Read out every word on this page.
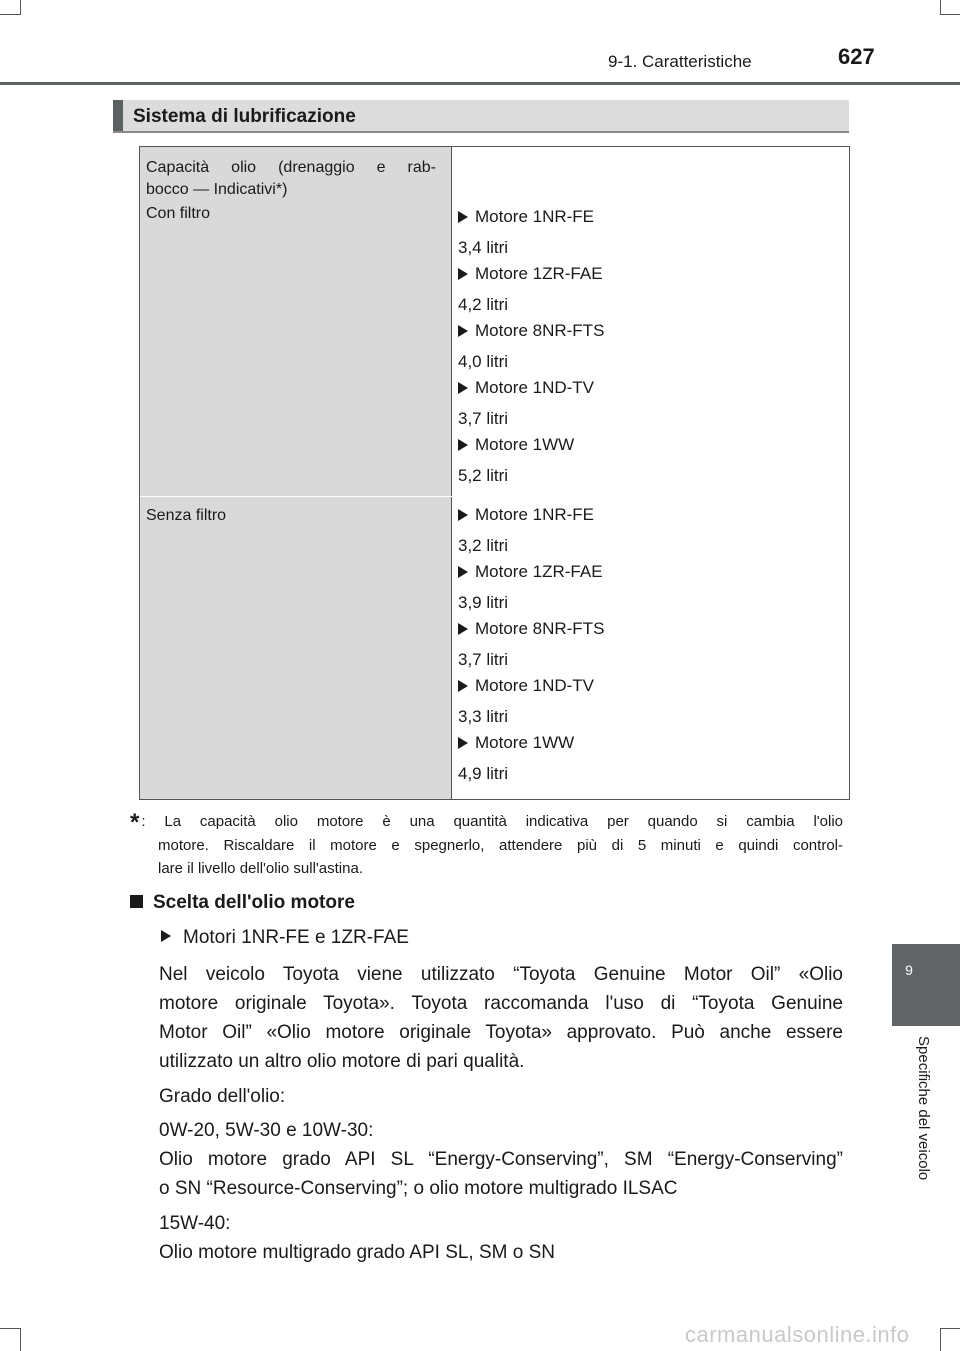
9-1. Caratteristiche	627
9
Specifiche del veicolo
Sistema di lubrificazione
Capacità olio (drenaggio e rab-
bocco — Indicativi*)
Con filtro
Senza filtro
Motore 1NR-FE
3,4 litri
Motore 1ZR-FAE
4,2 litri
Motore 8NR-FTS
4,0 litri
Motore 1ND-TV
3,7 litri
Motore 1WW
5,2 litri
Motore 1NR-FE
3,2 litri
Motore 1ZR-FAE
3,9 litri
Motore 8NR-FTS
3,7 litri
Motore 1ND-TV
3,3 litri
Motore 1WW
4,9 litri
* : La capacità olio motore è una quantità indicativa per quando si cambia l'olio
motore. Riscaldare il motore e spegnerlo, attendere più di 5 minuti e quindi control-
lare il livello dell'olio sull'astina.
Scelta dell'olio motore
Motori 1NR-FE e 1ZR-FAE
Nel veicolo Toyota viene utilizzato “Toyota Genuine Motor Oil” «Olio
motore originale Toyota». Toyota raccomanda l'uso di “Toyota Genuine
Motor Oil” «Olio motore originale Toyota» approvato. Può anche essere
utilizzato un altro olio motore di pari qualità.
Grado dell'olio:
0W-20, 5W-30 e 10W-30:
Olio motore grado API SL “Energy-Conserving”, SM “Energy-Conserving”
o SN “Resource-Conserving”; o olio motore multigrado ILSAC
15W-40:
Olio motore multigrado grado API SL, SM o SN
carmanualsonline.info
